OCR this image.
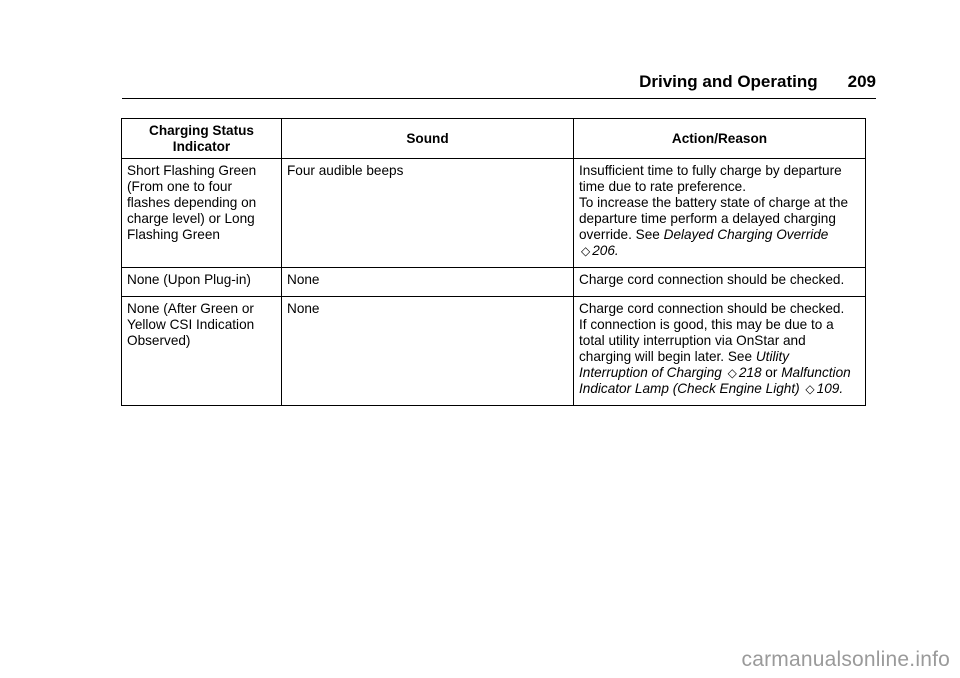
Driving and Operating 209
Charging Status Indicator	Sound	Action/Reason
Short Flashing Green (From one to four flashes depending on charge level) or Long Flashing Green	Four audible beeps	Insufficient time to fully charge by departure time due to rate preference.
To increase the battery state of charge at the departure time perform a delayed charging override. See Delayed Charging Override ◇ 206.
None (Upon Plug-in)	None	Charge cord connection should be checked.

None (After Green or Yellow CSI Indication Observed)	None	Charge cord connection should be checked.
If connection is good, this may be due to a total utility interruption via OnStar and charging will begin later. See Utility Interruption of Charging ◇ 218 or Malfunction Indicator Lamp (Check Engine Light) ◇ 109.
carmanualsonline.info
